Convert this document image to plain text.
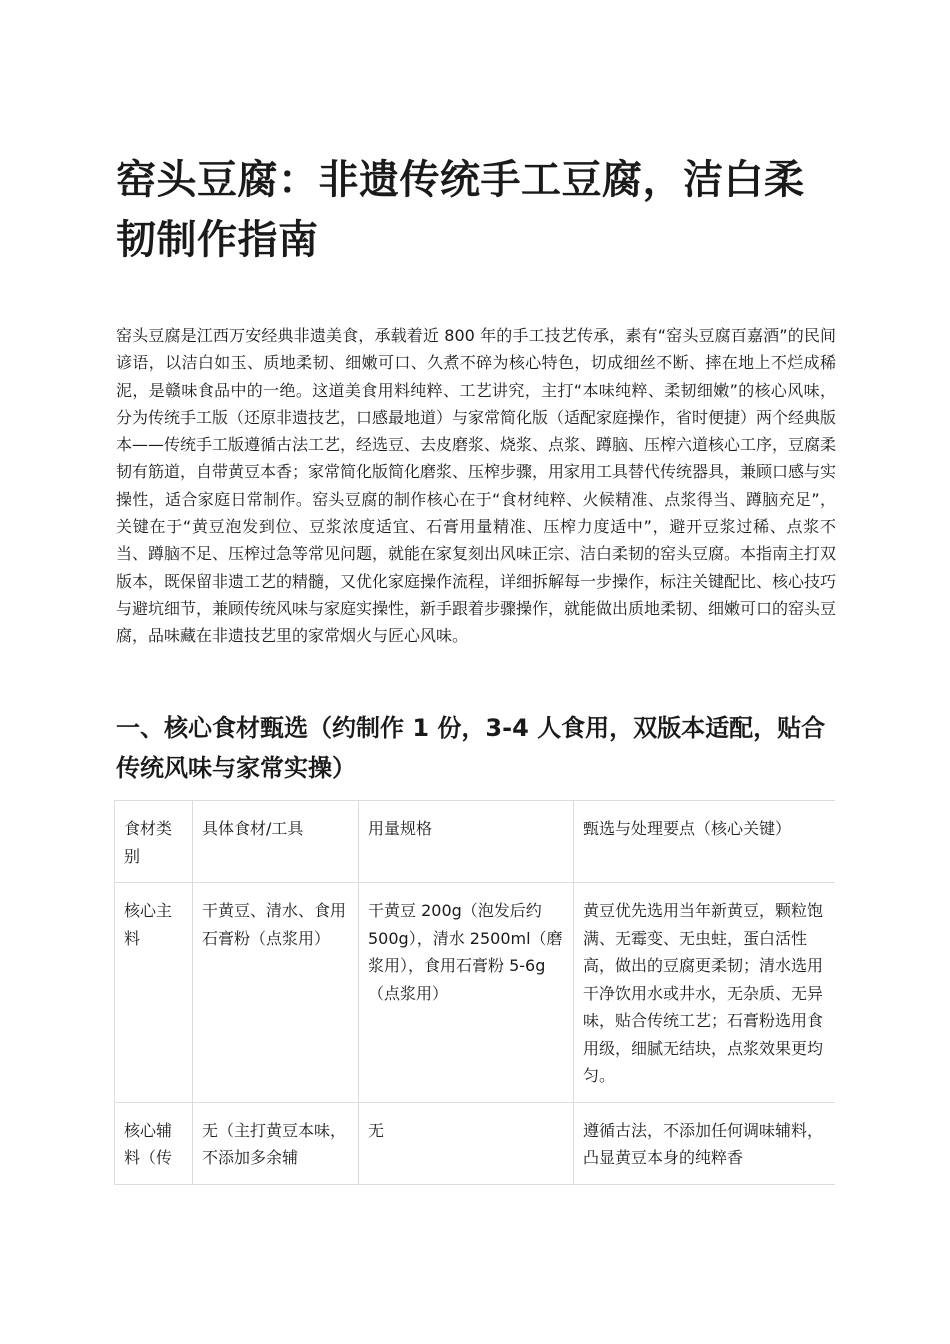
窑头豆腐：非遗传统手工豆腐，洁白柔韧制作指南

窑头豆腐是江西万安经典非遗美食，承载着近 800 年的手工技艺传承，素有“窑头豆腐百嘉酒”的民间谚语，以洁白如玉、质地柔韧、细嫩可口、久煮不碎为核心特色，切成细丝不断、摔在地上不烂成稀泥，是赣味食品中的一绝。这道美食用料纯粹、工艺讲究，主打“本味纯粹、柔韧细嫩”的核心风味，分为传统手工版（还原非遗技艺，口感最地道）与家常简化版（适配家庭操作，省时便捷）两个经典版本——传统手工版遵循古法工艺，经选豆、去皮磨浆、烧浆、点浆、蹲脑、压榨六道核心工序，豆腐柔韧有筋道，自带黄豆本香；家常简化版简化磨浆、压榨步骤，用家用工具替代传统器具，兼顾口感与实操性，适合家庭日常制作。窑头豆腐的制作核心在于“食材纯粹、火候精准、点浆得当、蹲脑充足”，关键在于“黄豆泡发到位、豆浆浓度适宜、石膏用量精准、压榨力度适中”，避开豆浆过稀、点浆不当、蹲脑不足、压榨过急等常见问题，就能在家复刻出风味正宗、洁白柔韧的窑头豆腐。本指南主打双版本，既保留非遗工艺的精髓，又优化家庭操作流程，详细拆解每一步操作，标注关键配比、核心技巧与避坑细节，兼顾传统风味与家庭实操性，新手跟着步骤操作，就能做出质地柔韧、细嫩可口的窑头豆腐，品味藏在非遗技艺里的家常烟火与匠心风味。

一、核心食材甄选（约制作 1 份，3-4 人食用，双版本适配，贴合传统风味与家常实操）
食材类别	具体食材/工具	用量规格	甄选与处理要点（核心关键）
核心主料	干黄豆、清水、食用石膏粉（点浆用）	干黄豆 200g（泡发后约 500g），清水 2500ml（磨浆用），食用石膏粉 5-6g（点浆用）	黄豆优先选用当年新黄豆，颗粒饱满、无霉变、无虫蛀，蛋白活性高，做出的豆腐更柔韧；清水选用干净饮用水或井水，无杂质、无异味，贴合传统工艺；石膏粉选用食用级，细腻无结块，点浆效果更均匀。
核心辅料（传	无（主打黄豆本味，不添加多余辅	无	遵循古法，不添加任何调味辅料，凸显黄豆本身的纯粹香
